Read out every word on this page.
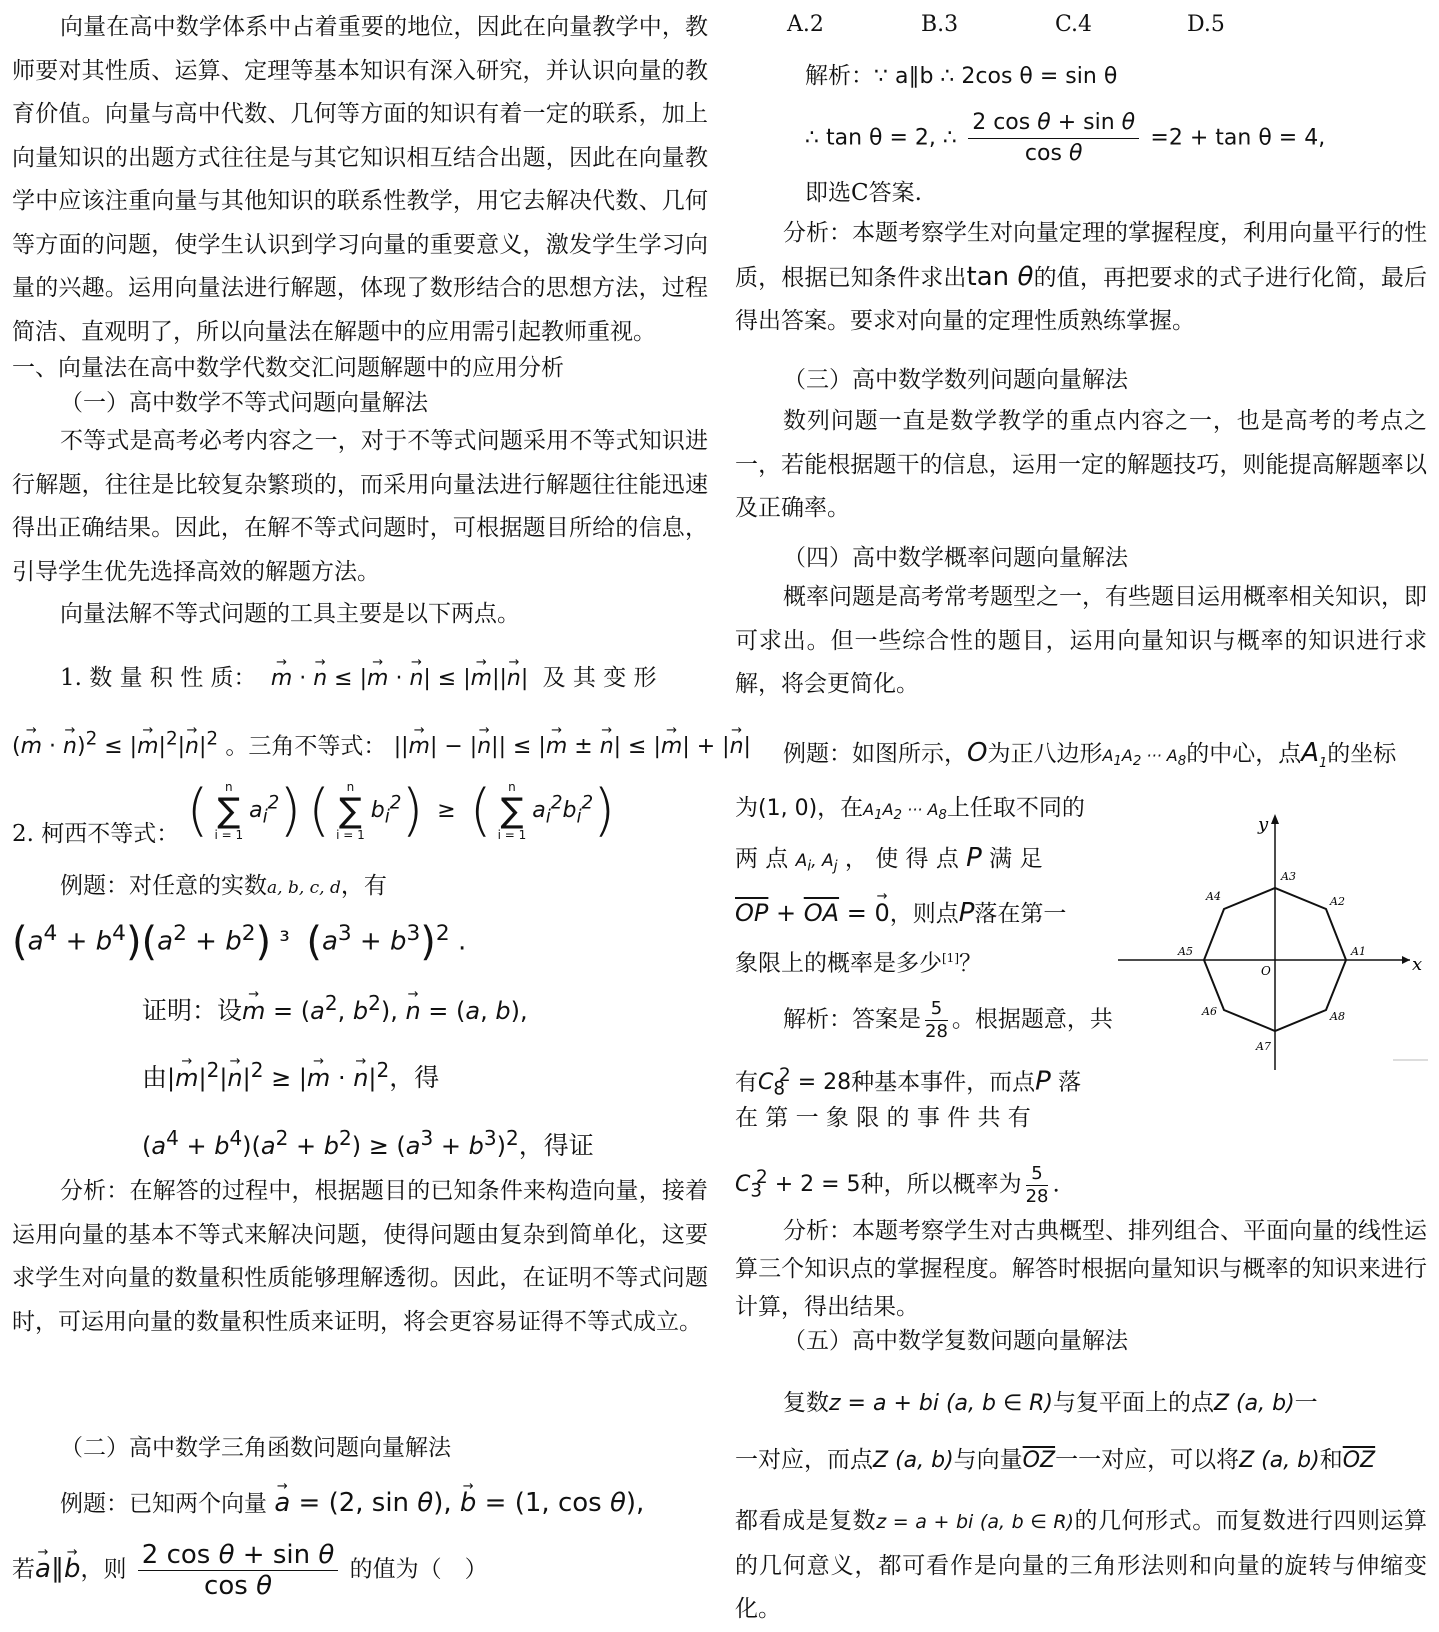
向量在高中数学体系中占着重要的地位，因此在向量教学中，教师要对其性质、运算、定理等基本知识有深入研究，并认识向量的教育价值。向量与高中代数、几何等方面的知识有着一定的联系，加上向量知识的出题方式往往是与其它知识相互结合出题，因此在向量教学中应该注重向量与其他知识的联系性教学，用它去解决代数、几何等方面的问题，使学生认识到学习向量的重要意义，激发学生学习向量的兴趣。运用向量法进行解题，体现了数形结合的思想方法，过程简洁、直观明了，所以向量法在解题中的应用需引起教师重视。
一、向量法在高中数学代数交汇问题解题中的应用分析
（一）高中数学不等式问题向量解法
不等式是高考必考内容之一，对于不等式问题采用不等式知识进行解题，往往是比较复杂繁琐的，而采用向量法进行解题往往能迅速得出正确结果。因此，在解不等式问题时，可根据题目所给的信息，引导学生优先选择高效的解题方法。
向量法解不等式问题的工具主要是以下两点。
1. 数 量 积 性 质： → m · → n ≤ |→ m · → n| ≤ |→ m||→ n|  及 其 变 形
(→ m · → n)$^2$ ≤ |→ $m|^2|\to n|^2$ 。三角不等式： ||→ m| − |→ n|| ≤ |→ m ± → n| ≤ |→ m| + |→ n|
2. 柯西不等式： (	n
∑
i = 1
$a_i^2$) (	n
∑
i = 1
$b_i^2$)  ≥  (	n
∑
i = 1
$a_i^2b_i^2$)
例题：对任意的实数a, b, c, d，有
$(a^4 + b^4)(a^2 + b^2)$ ³  $(a^3 + b^3)^2$ .
证明：设→ $m = (a^2$, $b^2$), → n = (a, b),
由|→ $m|^2|\to n|^2$ ≥ |→ m · → $n|^2$，得
$(a^4 + b^4)(a^2 + b^2) \ge (a^3 + b^3)^2$，得证
分析：在解答的过程中，根据题目的已知条件来构造向量，接着运用向量的基本不等式来解决问题，使得问题由复杂到简单化，这要求学生对向量的数量积性质能够理解透彻。因此，在证明不等式问题时，可运用向量的数量积性质来证明，将会更容易证得不等式成立。
（二）高中数学三角函数问题向量解法
例题：已知两个向量 → a = (2, sin θ), → b = (1, cos θ),
若→ a∥→ b，则 $\frac{\text{2 cos θ + sin θ}}{\text{cos θ}}$ 的值为（　）
A.2	B.3	C.4	D.5
解析：∵ a∥b ∴ 2cos θ = sin θ
∴ tan θ = 2, ∴ $\frac{\text{2 cos θ + sin θ}}{\text{cos θ}} =2 + \tan \theta = 4$,
即选C答案.
分析：本题考察学生对向量定理的掌握程度，利用向量平行的性质，根据已知条件求出tan θ的值，再把要求的式子进行化简，最后得出答案。要求对向量的定理性质熟练掌握。
（三）高中数学数列问题向量解法
数列问题一直是数学教学的重点内容之一，也是高考的考点之一，若能根据题干的信息，运用一定的解题技巧，则能提高解题率以及正确率。
（四）高中数学概率问题向量解法
概率问题是高考常考题型之一，有些题目运用概率相关知识，即可求出。但一些综合性的题目，运用向量知识与概率的知识进行求解，将会更简化。
例题：如图所示，O为正八边形$A_1A_2$ ··· $A_8$的中心，点$A_1$的坐标
为(1, 0)，在$A_1A_2$ ··· $A_8$上任取不同的
两 点 $A_i$, $A_j$ ， 使 得 点 P 满 足
$\overline{OP} + \overline{OA}$ = → 0，则点P落在第一
象限上的概率是多少[1]？
解析：答案是 $\frac{5}{28}$ 。根据题意，共
有$C_8^2 = 28$种基本事件，而点P 落
在 第 一 象 限 的 事 件 共 有
$C_3^2 + 2 = 5$种，所以概率为 $\frac{5}{28}$ .
分析：本题考察学生对古典概型、排列组合、平面向量的线性运算三个知识点的掌握程度。解答时根据向量知识与概率的知识来进行计算，得出结果。
（五）高中数学复数问题向量解法
复数z = a + bi (a, b ∈ R)与复平面上的点Z (a, b)一
一对应，而点Z (a, b)与向量$\overline{OZ}$一一对应，可以将Z (a, b)和$\overline{OZ}$
都看成是复数z = a + bi (a, b ∈ R)的几何形式。而复数进行四则运算的几何意义，都可看作是向量的三角形法则和向量的旋转与伸缩变化。
x
y
O
A1
A2
A3
A4
A5
A6
A7
A8
